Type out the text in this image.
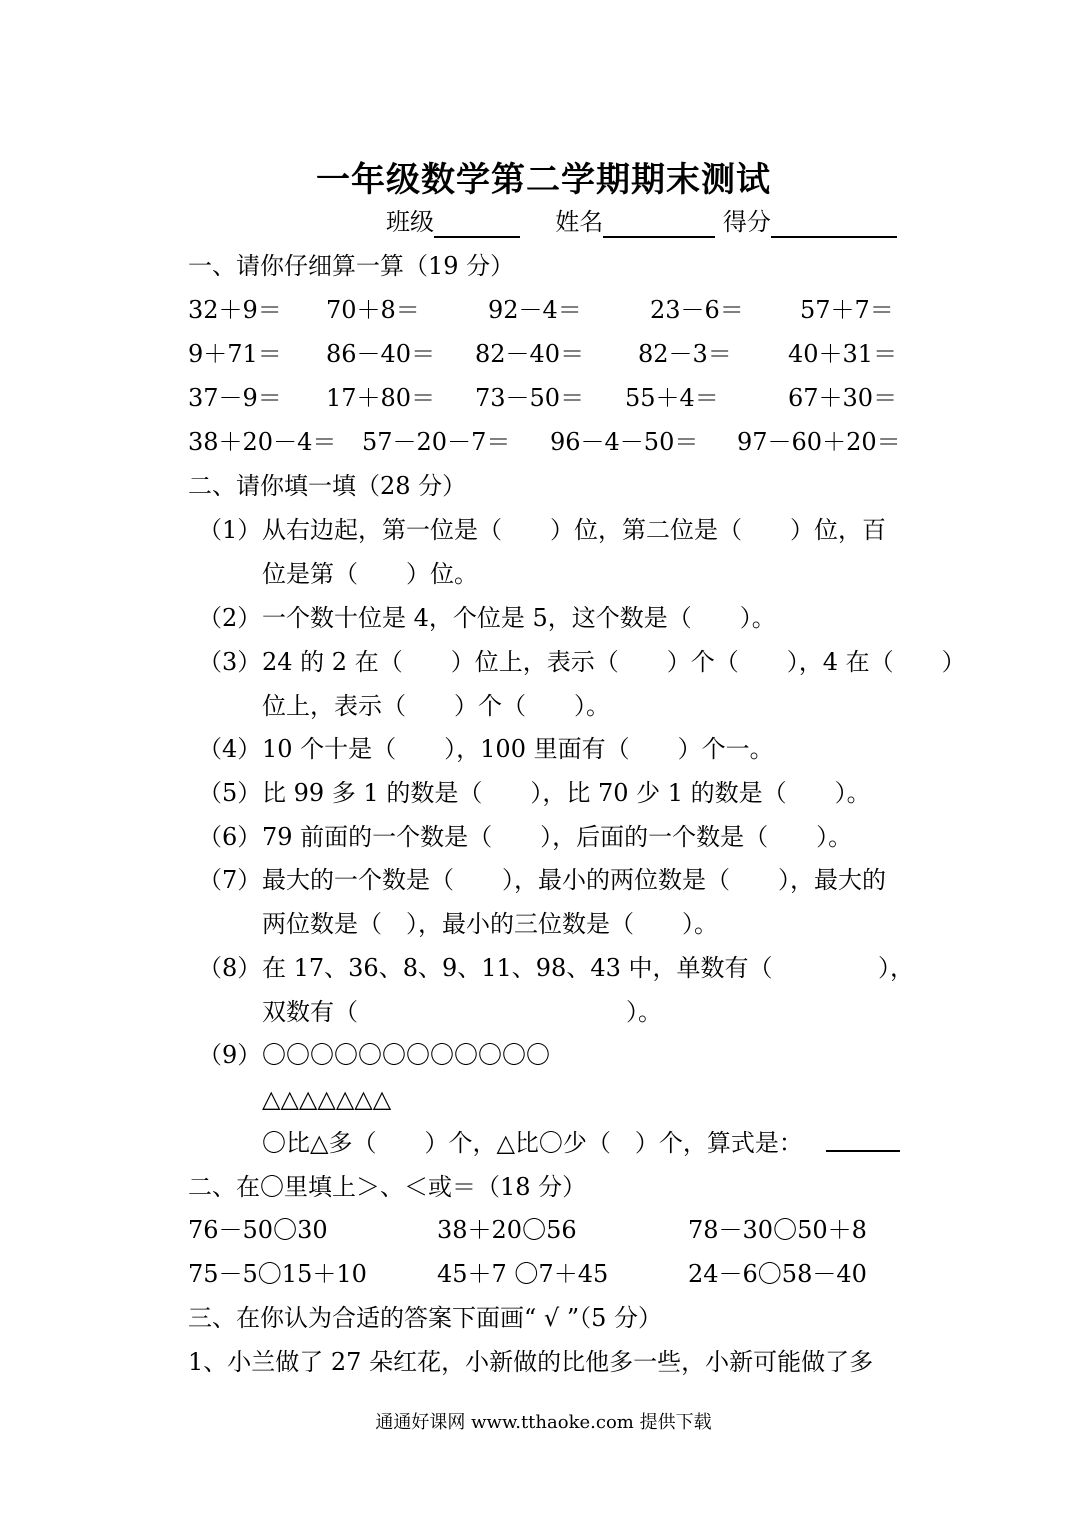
一年级数学第二学期期末测试
班级	姓名	得分
一、请你仔细算一算（19 分）
32＋9＝ 70＋8＝	92－4＝	23－6＝ 57＋7＝
9＋71＝ 86－40＝ 82－40＝ 82－3＝ 40＋31＝
37－9＝ 17＋80＝ 73－50＝ 55＋4＝	67＋30＝
38＋20－4＝ 57－20－7＝ 96－4－50＝ 97－60＋20＝
二、请你填一填（28 分）
（1） 从右边起，第一位是（　　）位，第二位是（　　）位，百
位是第（　　）位。
（2） 一个数十位是 4，个位是 5，这个数是（　　）。
（3） 24 的 2 在（　　）位上，表示（　　）个（　　），4 在（　　）
位上，表示（　　）个（　　）。
（4） 10 个十是（　　），100 里面有（　　）个一。
（5） 比 99 多 1 的数是（　　），比 70 少 1 的数是（　　）。
（6） 79 前面的一个数是（　　），后面的一个数是（　　）。
（7） 最大的一个数是（　　），最小的两位数是（　　），最大的
两位数是（　），最小的三位数是（　　）。
（8） 在 17、36、8、9、11、98、43 中，单数有（	），
双数有（	）。
（9） 〇〇〇〇〇〇〇〇〇〇〇〇
△△△△△△△
〇比△多（　　）个，△比〇少（　）个，算式是：
二、在〇里填上＞、＜或＝（18 分）
76－50〇30	38＋20〇56	78－30〇50＋8
75－5〇15＋10	45＋7 〇7＋45	24－6〇58－40
三、在你认为合适的答案下面画“ √ ”（5 分）
1、小兰做了 27 朵红花，小新做的比他多一些，小新可能做了多
通通好课网 www.tthaoke.com 提供下载
